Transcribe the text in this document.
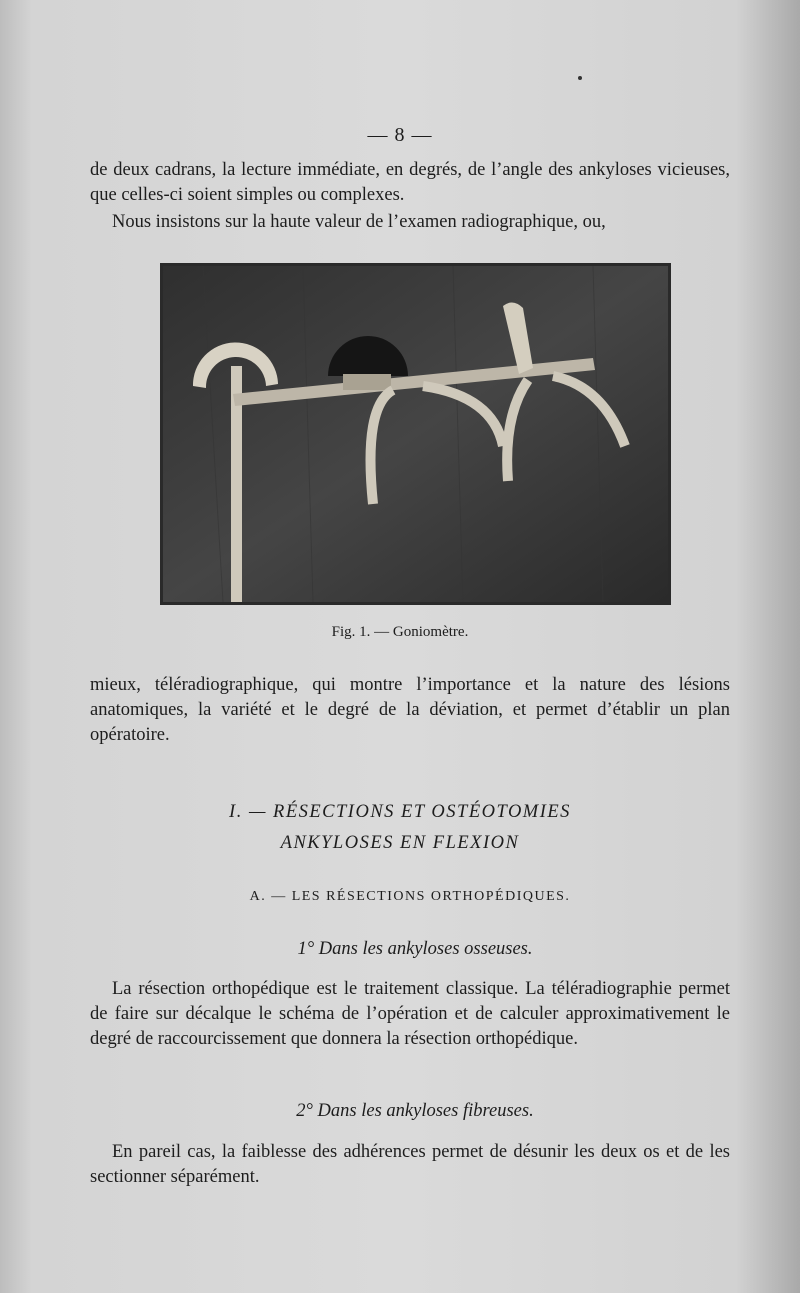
— 8 —

de deux cadrans, la lecture immédiate, en degrés, de l’angle des ankyloses vicieuses, que celles-ci soient simples ou complexes.

Nous insistons sur la haute valeur de l’examen radiographique, ou,

Fig. 1. — Goniomètre.

mieux, téléradiographique, qui montre l’importance et la nature des lésions anatomiques, la variété et le degré de la déviation, et permet d’établir un plan opératoire.

I. — RÉSECTIONS ET OSTÉOTOMIES
ANKYLOSES EN FLEXION
A. — LES RÉSECTIONS ORTHOPÉDIQUES.
1° Dans les ankyloses osseuses.

La résection orthopédique est le traitement classique. La téléradiographie permet de faire sur décalque le schéma de l’opération et de calculer approximativement le degré de raccourcissement que donnera la résection orthopédique.

2° Dans les ankyloses fibreuses.

En pareil cas, la faiblesse des adhérences permet de désunir les deux os et de les sectionner séparément.
